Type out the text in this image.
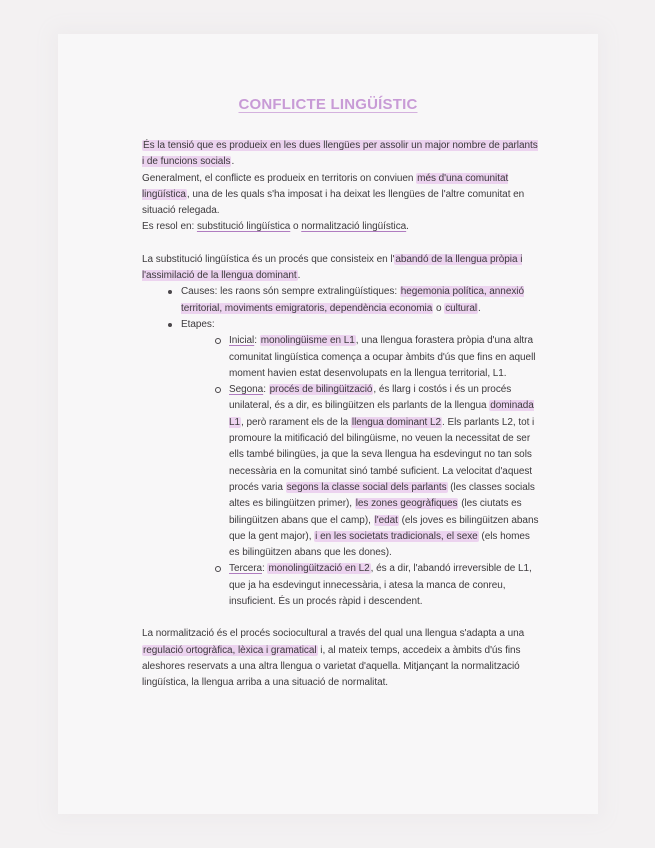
CONFLICTE LINGÜÍSTIC

És la tensió que es produeix en les dues llengües per assolir un major nombre de parlants i de funcions socials.

Generalment, el conflicte es produeix en territoris on conviuen més d'una comunitat lingüística, una de les quals s'ha imposat i ha deixat les llengües de l'altre comunitat en situació relegada.

Es resol en: substitució lingüística o normalització lingüística.

La substitució lingüística és un procés que consisteix en l'abandó de la llengua pròpia i l'assimilació de la llengua dominant.

Causes: les raons són sempre extralingüístiques: hegemonia política, annexió territorial, moviments emigratoris, dependència economia o cultural.
Etapes:
Inicial: monolingüisme en L1, una llengua forastera pròpia d'una altra comunitat lingüística comença a ocupar àmbits d'ús que fins en aquell moment havien estat desenvolupats en la llengua territorial, L1.
Segona: procés de bilingüització, és llarg i costós i és un procés unilateral, és a dir, es bilingüitzen els parlants de la llengua dominada L1, però rarament els de la llengua dominant L2. Els parlants L2, tot i promoure la mitificació del bilingüisme, no veuen la necessitat de ser ells també bilingües, ja que la seva llengua ha esdevingut no tan sols necessària en la comunitat sinó també suficient. La velocitat d'aquest procés varia segons la classe social dels parlants (les classes socials altes es bilingüitzen primer), les zones geogràfiques (les ciutats es bilingüitzen abans que el camp), l'edat (els joves es bilingüitzen abans que la gent major), i en les societats tradicionals, el sexe (els homes es bilingüitzen abans que les dones).
Tercera: monolingüització en L2, és a dir, l'abandó irreversible de L1, que ja ha esdevingut innecessària, i atesa la manca de conreu, insuficient. És un procés ràpid i descendent.

La normalització és el procés sociocultural a través del qual una llengua s'adapta a una regulació ortogràfica, lèxica i gramatical i, al mateix temps, accedeix a àmbits d'ús fins aleshores reservats a una altra llengua o varietat d'aquella. Mitjançant la normalització lingüística, la llengua arriba a una situació de normalitat.
